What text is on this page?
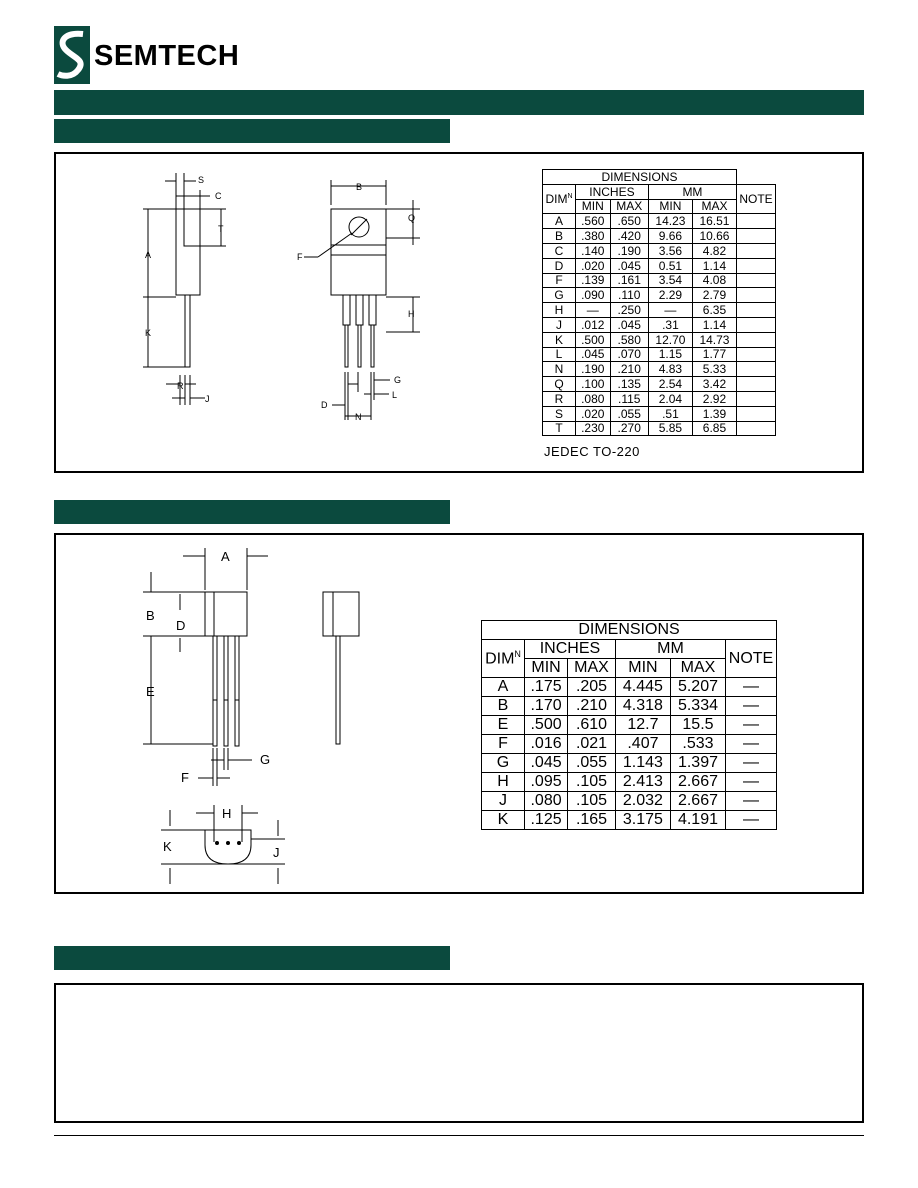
SEMTECH
S
C
A
T
K
R
J
B
Q
F
H
G
L
D
N
DIMENSIONS					
$DIM^N$	INCHES		MM		NOTE
	MIN	MAX	MIN	MAX	
A	.560	.650	14.23	16.51	
B	.380	.420	9.66	10.66	
C	.140	.190	3.56	4.82	
D	.020	.045	0.51	1.14	
F	.139	.161	3.54	4.08	
G	.090	.110	2.29	2.79	
H	—	.250	—	6.35	
J	.012	.045	.31	1.14	
K	.500	.580	12.70	14.73	
L	.045	.070	1.15	1.77	
N	.190	.210	4.83	5.33	
Q	.100	.135	2.54	3.42	
R	.080	.115	2.04	2.92	
S	.020	.055	.51	1.39	
T	.230	.270	5.85	6.85	
JEDEC TO-220
A
B
D
E
F
G
H
K	J
DIMENSIONS					
$DIM^N$	INCHES		MM		NOTE
	MIN	MAX	MIN	MAX	
A	.175	.205	4.445	5.207	—
B	.170	.210	4.318	5.334	—
E	.500	.610	12.7	15.5	—
F	.016	.021	.407	.533	—
G	.045	.055	1.143	1.397	—
H	.095	.105	2.413	2.667	—
J	.080	.105	2.032	2.667	—
K	.125	.165	3.175	4.191	—
